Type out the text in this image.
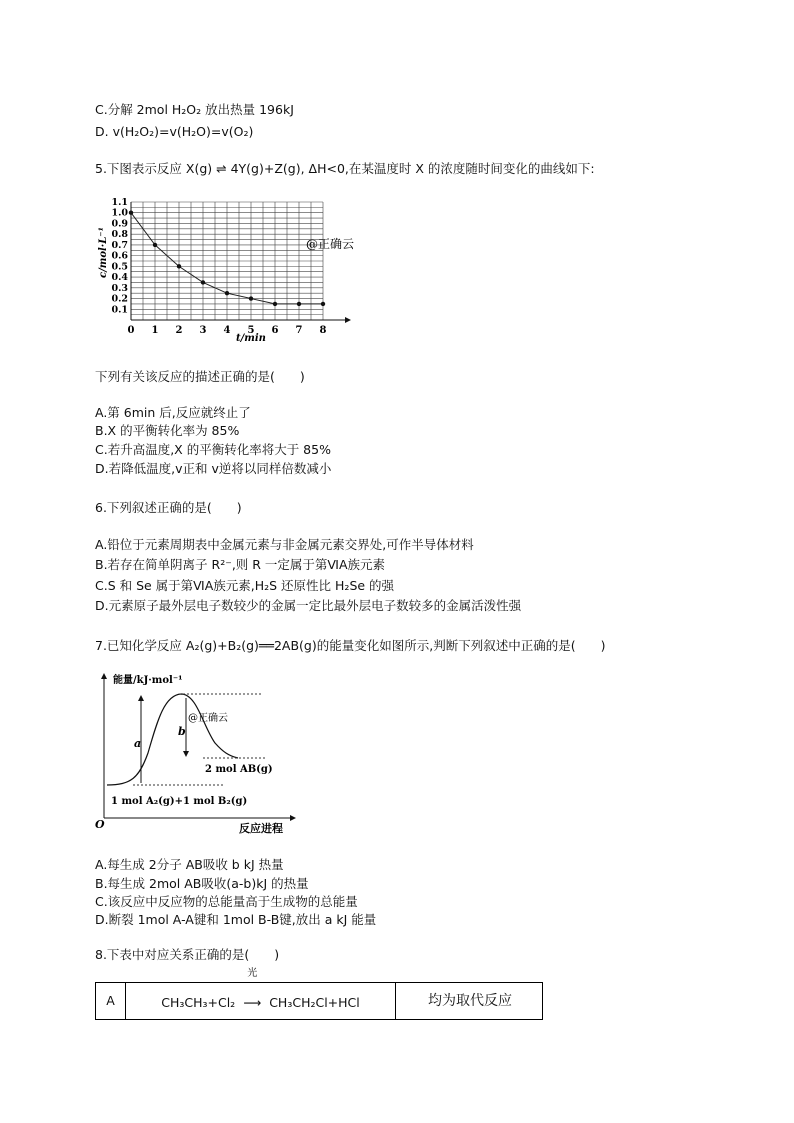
C.分解 2mol H₂O₂ 放出热量 196kJ
D. v(H₂O₂)=v(H₂O)=v(O₂)
5.下图表示反应 X(g) ⇌ 4Y(g)+Z(g), ΔH<0,在某温度时 X 的浓度随时间变化的曲线如下:
0.1
0.2
0.3
0.4
0.5
0.6
0.7
0.8
0.9
1.0
1.1
0 1 2 3 4 5 6 7 8
@正确云
t/min
c/mol·L⁻¹
下列有关该反应的描述正确的是(　　)
A.第 6min 后,反应就终止了
B.X 的平衡转化率为 85%
C.若升高温度,X 的平衡转化率将大于 85%
D.若降低温度,v正和 v逆将以同样倍数减小
6.下列叙述正确的是(　　)
A.铅位于元素周期表中金属元素与非金属元素交界处,可作半导体材料
B.若存在简单阴离子 R²⁻,则 R 一定属于第ⅥA族元素
C.S 和 Se 属于第ⅥA族元素,H₂S 还原性比 H₂Se 的强
D.元素原子最外层电子数较少的金属一定比最外层电子数较多的金属活泼性强
7.已知化学反应 A₂(g)+B₂(g)══2AB(g)的能量变化如图所示,判断下列叙述中正确的是(　　)
能量/kJ·mol⁻¹
反应进程
O
a
b
@正确云
2 mol AB(g)
1 mol A₂(g)+1 mol B₂(g)
A.每生成 2分子 AB吸收 b kJ 热量
B.每生成 2mol AB吸收(a-b)kJ 的热量
C.该反应中反应物的总能量高于生成物的总能量
D.断裂 1mol A-A键和 1mol B-B键,放出 a kJ 能量
8.下表中对应关系正确的是(　　)
A	CH₃CH₃+Cl₂
光
⟶ CH₃CH₂Cl+HCl	均为取代反应
